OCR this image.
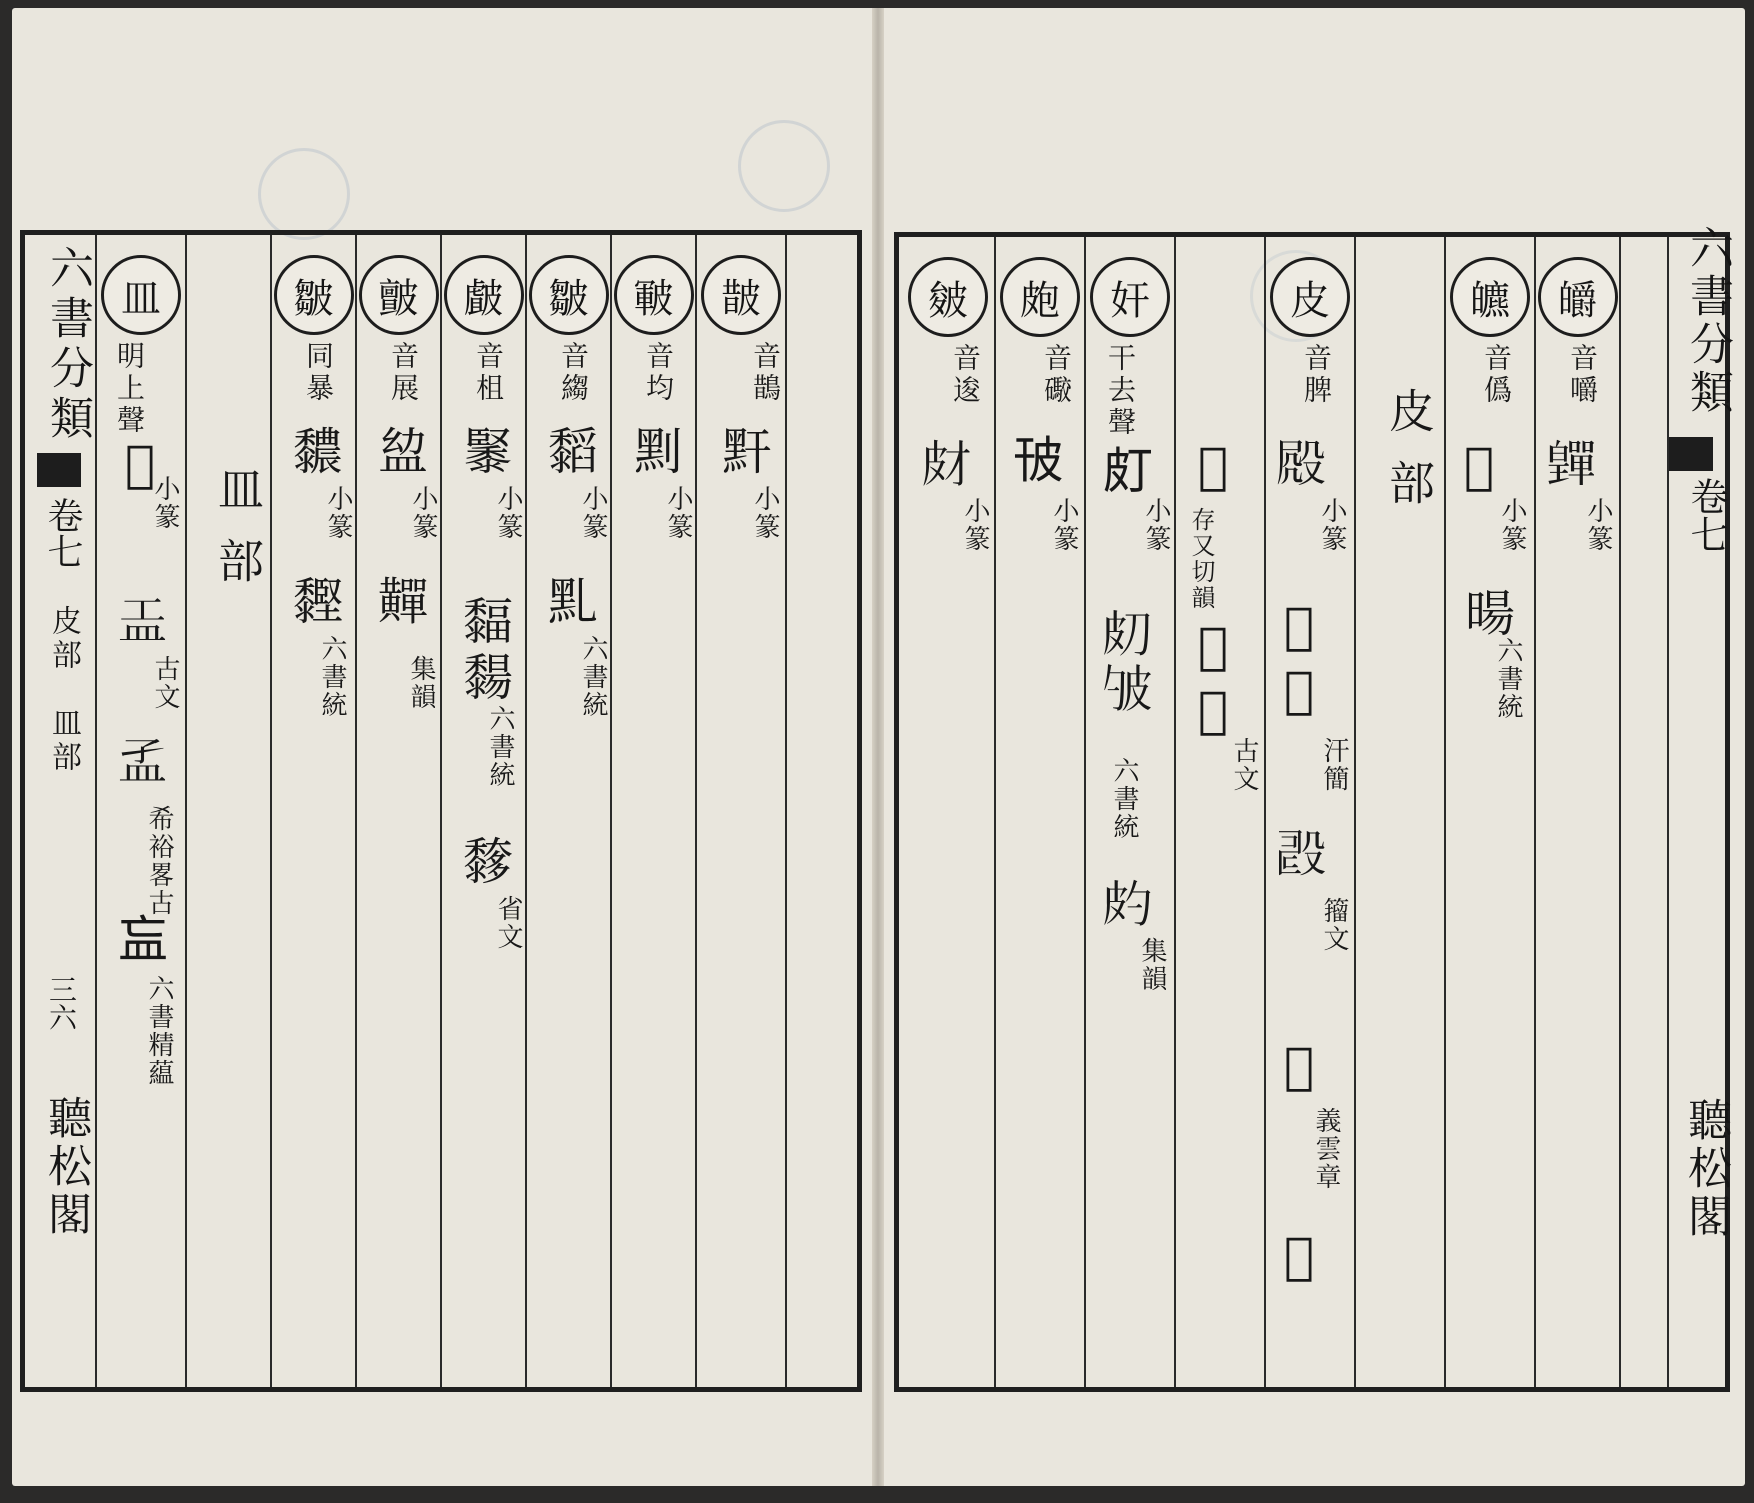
六書分類
卷七
皮部　皿部
三六
聽松閣
皿
明上聲
𥁀
小篆
𥁁
古文
𥁂
希裕畧古
𥁃
六書精藴
皿部
皺
同暴
䵜
小篆
䵛
六書統
皽
音展
𥁒
小篆
䵐
集韻
皻
音柤
䵖
小篆
䵗䵘
六書統
䵙
省文
皺
音縐
䵚
小篆
䵝
六書統
皸
音均
䵞
小篆
皵
音鵲
䵟
小篆
六書分類
卷七
聽松閣
皴
音逡
𤿋
小篆
皰
音礮
𤿊
小篆
奸
干去聲
𤿆
小篆
𤿇𤿈
六書統
𤿉
集韻
𤿃
存又切韻
𤿄𤿅
古文
皮
音脾
𣪍
小篆
𣪎𣪏
汗簡
𣪐
籀文
𣪑
義雲章
𣪒
皮部
皫
音僞
𤿁
小篆
暘
六書統
皭
音嚼
𤾺
小篆
